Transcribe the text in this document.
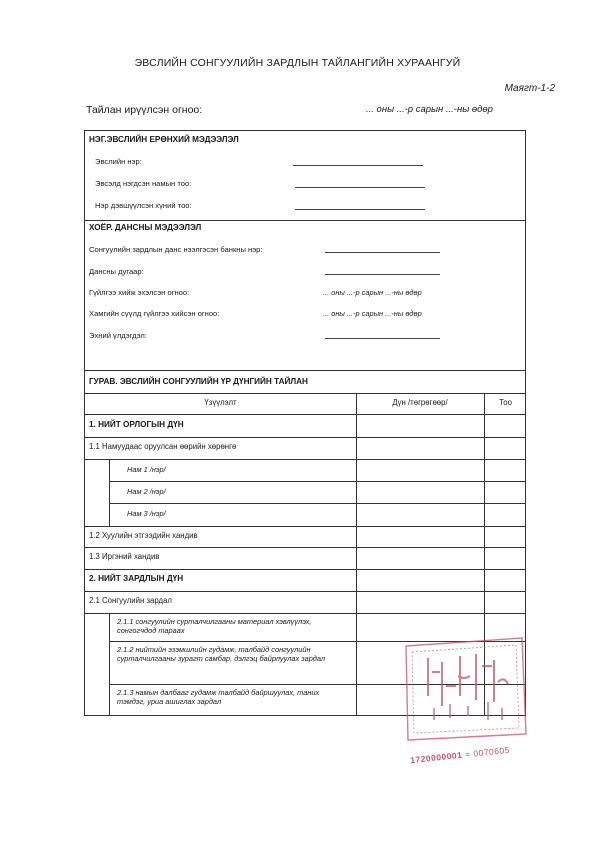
ЭВСЛИЙН СОНГУУЛИЙН ЗАРДЛЫН ТАЙЛАНГИЙН ХУРААНГУЙ
Маягт-1-2
Тайлан ирүүлсэн огноо:	... оны ...-р сарын ...-ны өдөр
НЭГ.ЭВСЛИЙН ЕРӨНХИЙ МЭДЭЭЛЭЛ
Эвслийн нэр:
Эвсэлд нэгдсэн намын тоо:
Нэр дэвшүүлсэн хүний тоо:
ХОЁР. ДАНСНЫ МЭДЭЭЛЭЛ
Сонгуулийн зардлын данс нээлгэсэн банкны нэр:
Дансны дугаар:
Гүйлгээ хийж эхэлсэн огноо:	... оны ...-р сарын ...-ны өдөр
Хамгийн сүүлд гүйлгээ хийсэн огноо:	... оны ...-р сарын ...-ны өдөр
Эхний үлдэгдэл:
ГУРАВ. ЭВСЛИЙН СОНГУУЛИЙН ҮР ДҮНГИЙН ТАЙЛАН
Үзүүлэлт	Дүн /төгрөгөөр/	Тоо
1. НИЙТ ОРЛОГЫН ДҮН
1.1 Намуудаас оруулсан өөрийн хөрөнгө
Нам 1 /нэр/
Нам 2 /нэр/
Нам 3 /нэр/
1.2 Хуулийн этгээдийн хандив
1.3 Иргэний хандив
2. НИЙТ ЗАРДЛЫН ДҮН
2.1 Сонгуулийн зардал
2.1.1 сонгуулийн сурталчилгааны материал хэвлүүлэх, сонгогчдод тараах
2.1.2 нийтийн эзэмшлийн гудамж, талбайд сонгуулийн сурталчилгааны зурагт самбар, дэлгэц байрлуулах зардал
2.1.3 намын далбааг гудамж талбайд байршуулах, таних тэмдэг, уриа ашиглах зардал
1720000001 = 0070605
